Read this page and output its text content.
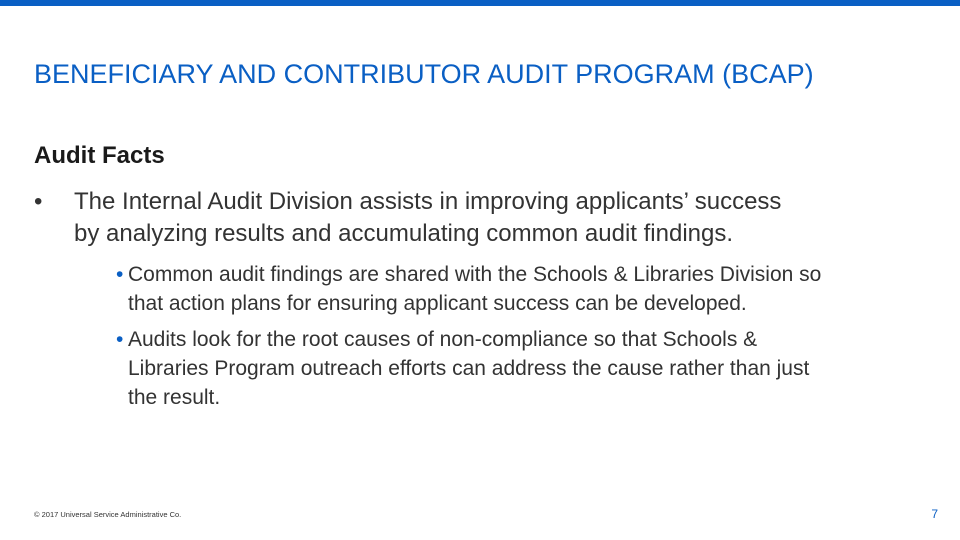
BENEFICIARY AND CONTRIBUTOR AUDIT PROGRAM (BCAP)
Audit Facts
• The Internal Audit Division assists in improving applicants’ success by analyzing results and accumulating common audit findings.
• Common audit findings are shared with the Schools & Libraries Division so that action plans for ensuring applicant success can be developed.
• Audits look for the root causes of non-compliance so that Schools & Libraries Program outreach efforts can address the cause rather than just the result.
© 2017 Universal Service Administrative Co.	7
